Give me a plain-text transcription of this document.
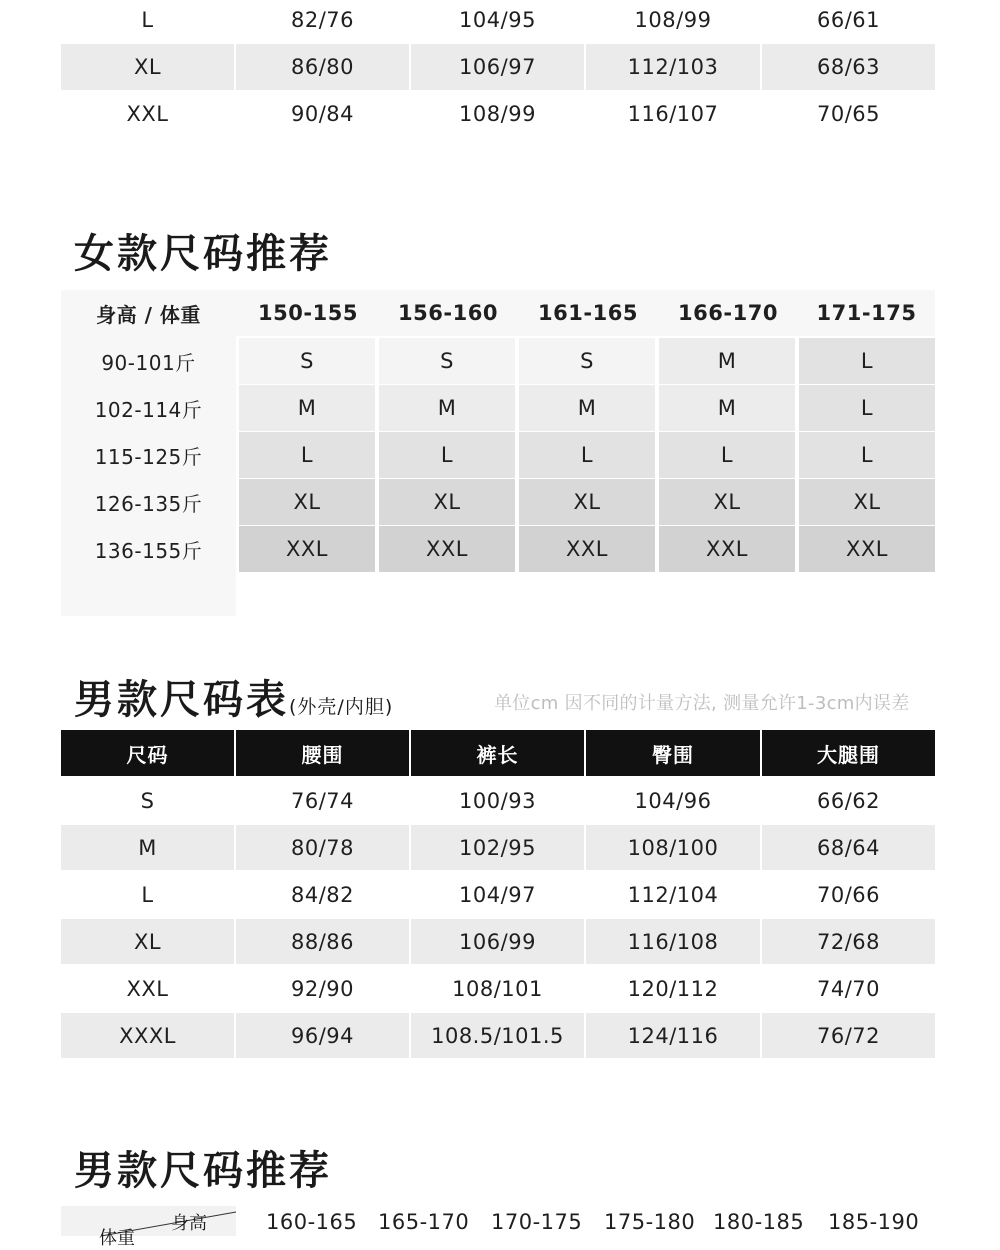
L	82/76	104/95	108/99	66/61
XL	86/80	106/97	112/103	68/63
XXL	90/84	108/99	116/107	70/65
女款尺码推荐
身高 / 体重	150-155	156-160	161-165	166-170	171-175
90-101斤	S	S	S	M	L
102-114斤	M	M	M	M	L
115-125斤	L	L	L	L	L
126-135斤	XL	XL	XL	XL	XL
136-155斤	XXL	XXL	XXL	XXL	XXL
男款尺码表(外壳/内胆)	单位cm 因不同的计量方法, 测量允许1-3cm内误差
尺码	腰围	裤长	臀围	大腿围
S	76/74	100/93	104/96	66/62
M	80/78	102/95	108/100	68/64
L	84/82	104/97	112/104	70/66
XL	88/86	106/99	116/108	72/68
XXL	92/90	108/101	120/112	74/70
XXXL	96/94	108.5/101.5	124/116	76/72
男款尺码推荐
身高
体重
160-165 165-170 170-175 175-180 180-185 185-190
